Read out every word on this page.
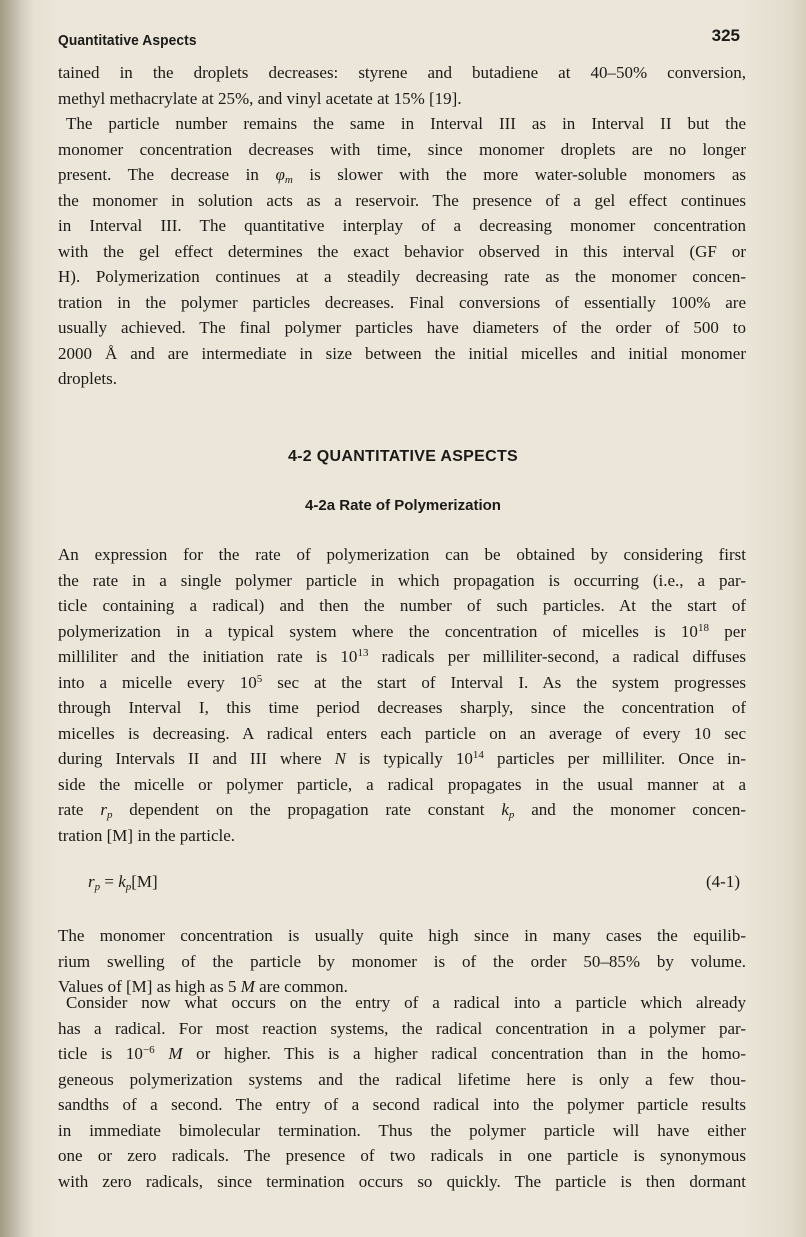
Quantitative Aspects	325
tained in the droplets decreases: styrene and butadiene at 40–50% conversion,
methyl methacrylate at 25%, and vinyl acetate at 15% [19].
The particle number remains the same in Interval III as in Interval II but the
monomer concentration decreases with time, since monomer droplets are no longer
present. The decrease in $\varphi_m$ is slower with the more water-soluble monomers as
the monomer in solution acts as a reservoir. The presence of a gel effect continues
in Interval III. The quantitative interplay of a decreasing monomer concentration
with the gel effect determines the exact behavior observed in this interval (GF or
H). Polymerization continues at a steadily decreasing rate as the monomer concen-
tration in the polymer particles decreases. Final conversions of essentially 100% are
usually achieved. The final polymer particles have diameters of the order of 500 to
2000 Å and are intermediate in size between the initial micelles and initial monomer
droplets.
4-2 QUANTITATIVE ASPECTS
4-2a Rate of Polymerization
An expression for the rate of polymerization can be obtained by considering first
the rate in a single polymer particle in which propagation is occurring (i.e., a par-
ticle containing a radical) and then the number of such particles. At the start of
polymerization in a typical system where the concentration of micelles is $10^{18}$ per
milliliter and the initiation rate is $10^{13}$ radicals per milliliter-second, a radical diffuses
into a micelle every $10^5$ sec at the start of Interval I. As the system progresses
through Interval I, this time period decreases sharply, since the concentration of
micelles is decreasing. A radical enters each particle on an average of every 10 sec
during Intervals II and III where N is typically $10^{14}$ particles per milliliter. Once in-
side the micelle or polymer particle, a radical propagates in the usual manner at a
rate $r_p$ dependent on the propagation rate constant $k_p$ and the monomer concen-
tration [M] in the particle.
$r_p = k_p[M]$	(4-1)
The monomer concentration is usually quite high since in many cases the equilib-
rium swelling of the particle by monomer is of the order 50–85% by volume.
Values of [M] as high as 5 M are common.
Consider now what occurs on the entry of a radical into a particle which already
has a radical. For most reaction systems, the radical concentration in a polymer par-
ticle is $10^{-6}$ M or higher. This is a higher radical concentration than in the homo-
geneous polymerization systems and the radical lifetime here is only a few thou-
sandths of a second. The entry of a second radical into the polymer particle results
in immediate bimolecular termination. Thus the polymer particle will have either
one or zero radicals. The presence of two radicals in one particle is synonymous
with zero radicals, since termination occurs so quickly. The particle is then dormant
